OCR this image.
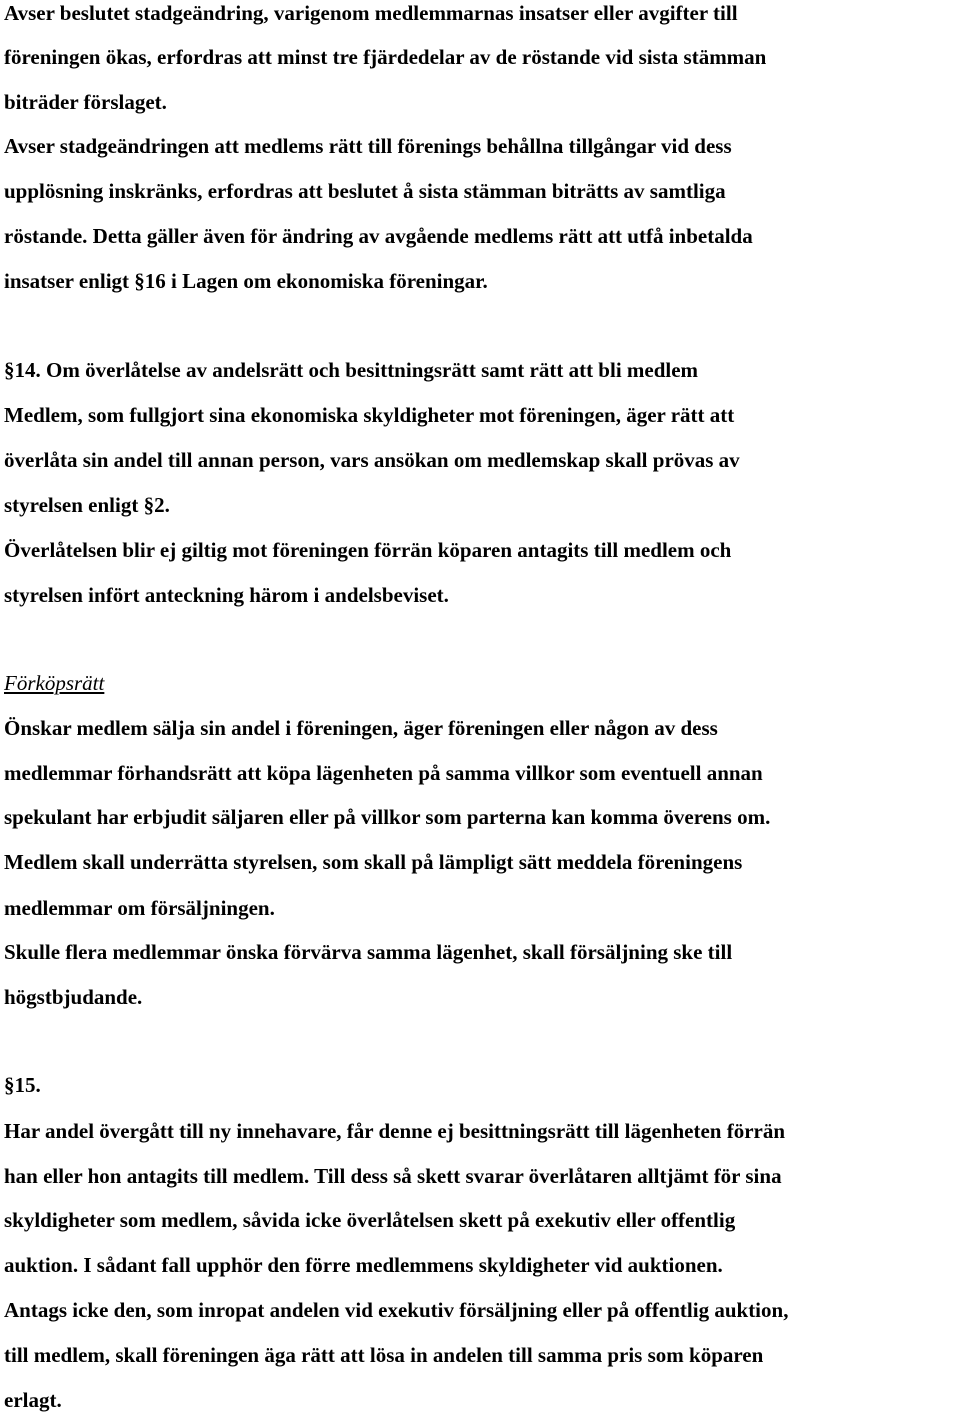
Avser beslutet stadgeändring, varigenom medlemmarnas insatser eller avgifter till

föreningen ökas, erfordras att minst tre fjärdedelar av de röstande vid sista stämman

biträder förslaget.

Avser stadgeändringen att medlems rätt till förenings behållna tillgångar vid dess

upplösning inskränks, erfordras att beslutet å sista stämman biträtts av samtliga

röstande. Detta gäller även för ändring av avgående medlems rätt att utfå inbetalda

insatser enligt §16 i Lagen om ekonomiska föreningar.

§14. Om överlåtelse av andelsrätt och besittningsrätt samt rätt att bli medlem

Medlem, som fullgjort sina ekonomiska skyldigheter mot föreningen, äger rätt att

överlåta sin andel till annan person, vars ansökan om medlemskap skall prövas av

styrelsen enligt §2.

Överlåtelsen blir ej giltig mot föreningen förrän köparen antagits till medlem och

styrelsen infört anteckning härom i andelsbeviset.

Förköpsrätt

Önskar medlem sälja sin andel i föreningen, äger föreningen eller någon av dess

medlemmar förhandsrätt att köpa lägenheten på samma villkor som eventuell annan

spekulant har erbjudit säljaren eller på villkor som parterna kan komma överens om.

Medlem skall underrätta styrelsen, som skall på lämpligt sätt meddela föreningens

medlemmar om försäljningen.

Skulle flera medlemmar önska förvärva samma lägenhet, skall försäljning ske till

högstbjudande.

§15.

Har andel övergått till ny innehavare, får denne ej besittningsrätt till lägenheten förrän

han eller hon antagits till medlem. Till dess så skett svarar överlåtaren alltjämt för sina

skyldigheter som medlem, såvida icke överlåtelsen skett på exekutiv eller offentlig

auktion. I sådant fall upphör den förre medlemmens skyldigheter vid auktionen.

Antags icke den, som inropat andelen vid exekutiv försäljning eller på offentlig auktion,

till medlem, skall föreningen äga rätt att lösa in andelen till samma pris som köparen

erlagt.
